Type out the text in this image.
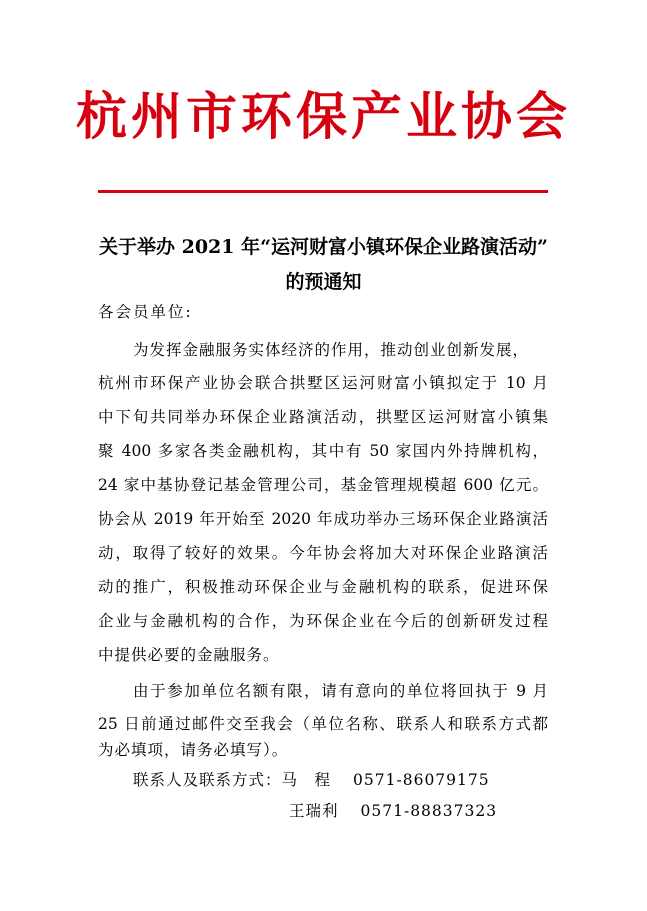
杭州市环保产业协会
关于举办 2021 年“运河财富小镇环保企业路演活动”
的预通知
各会员单位:
为发挥金融服务实体经济的作用，推动创业创新发展，
杭州市环保产业协会联合拱墅区运河财富小镇拟定于 10 月
中下旬共同举办环保企业路演活动，拱墅区运河财富小镇集
聚 400 多家各类金融机构，其中有 50 家国内外持牌机构，
24 家中基协登记基金管理公司，基金管理规模超 600 亿元。
协会从 2019 年开始至 2020 年成功举办三场环保企业路演活
动，取得了较好的效果。今年协会将加大对环保企业路演活
动的推广，积极推动环保企业与金融机构的联系，促进环保
企业与金融机构的合作，为环保企业在今后的创新研发过程
中提供必要的金融服务。
由于参加单位名额有限，请有意向的单位将回执于 9 月
25 日前通过邮件交至我会（单位名称、联系人和联系方式都
为必填项，请务必填写）。
联系人及联系方式：马　程 0571-86079175
王瑞利 0571-88837323
